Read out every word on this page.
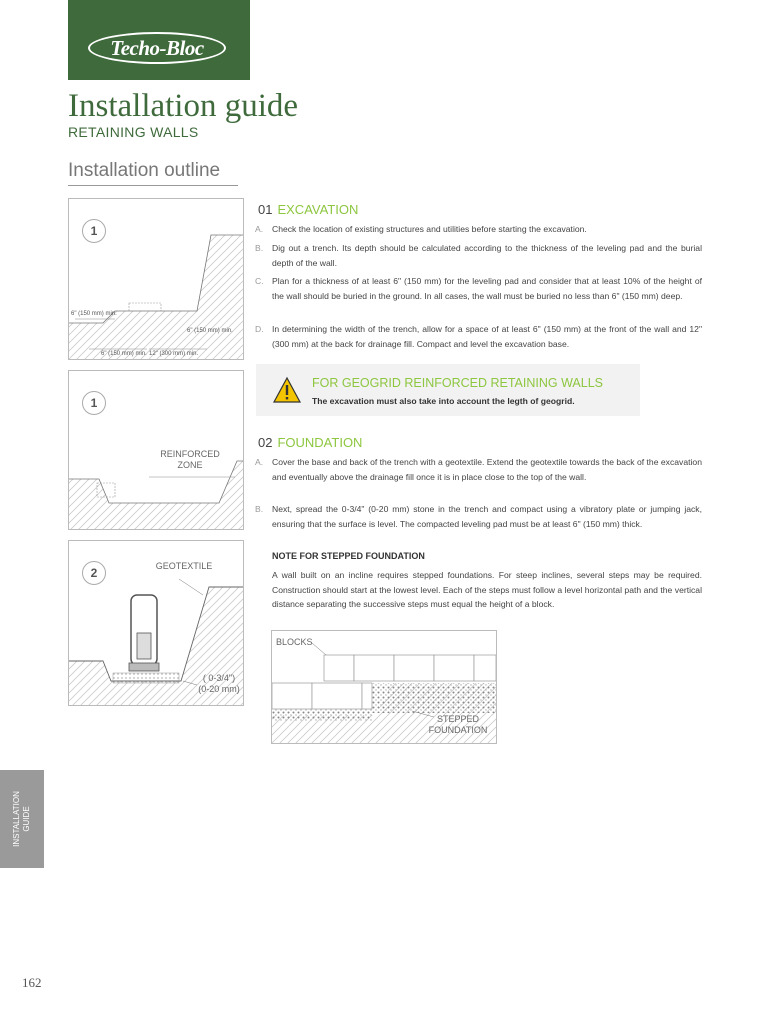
Techo-Bloc
Installation guide
RETAINING WALLS
Installation outline
1
6" (150 mm) min.
6" (150 mm) min.
6" (150 mm) min. 12" (300 mm) min.
1
REINFORCED
ZONE
2	GEOTEXTILE
( 0-3/4")
(0-20 mm)
01 EXCAVATION
A. Check the location of existing structures and utilities before starting the excavation.
B. Dig out a trench. Its depth should be calculated according to the thickness of the leveling pad and the burial depth of the wall.
C. Plan for a thickness of at least 6" (150 mm) for the leveling pad and consider that at least 10% of the height of the wall should be buried in the ground. In all cases, the wall must be buried no less than 6" (150 mm) deep.
D. In determining the width of the trench, allow for a space of at least 6" (150 mm) at the front of the wall and 12" (300 mm) at the back for drainage fill. Compact and level the excavation base.
FOR GEOGRID REINFORCED RETAINING WALLS
The excavation must also take into account the legth of geogrid.
02 FOUNDATION
A. Cover the base and back of the trench with a geotextile. Extend the geotextile towards the back of the excavation and eventually above the drainage fill once it is in place close to the top of the wall.
B. Next, spread the 0-3/4" (0-20 mm) stone in the trench and compact using a vibratory plate or jumping jack, ensuring that the surface is level. The compacted leveling pad must be at least 6" (150 mm) thick.
NOTE FOR STEPPED FOUNDATION
A wall built on an incline requires stepped foundations. For steep inclines, several steps may be required. Construction should start at the lowest level. Each of the steps must follow a level horizontal path and the vertical distance separating the successive steps must equal the height of a block.
BLOCKS
STEPPED
FOUNDATION
INSTALLATION GUIDE
162
